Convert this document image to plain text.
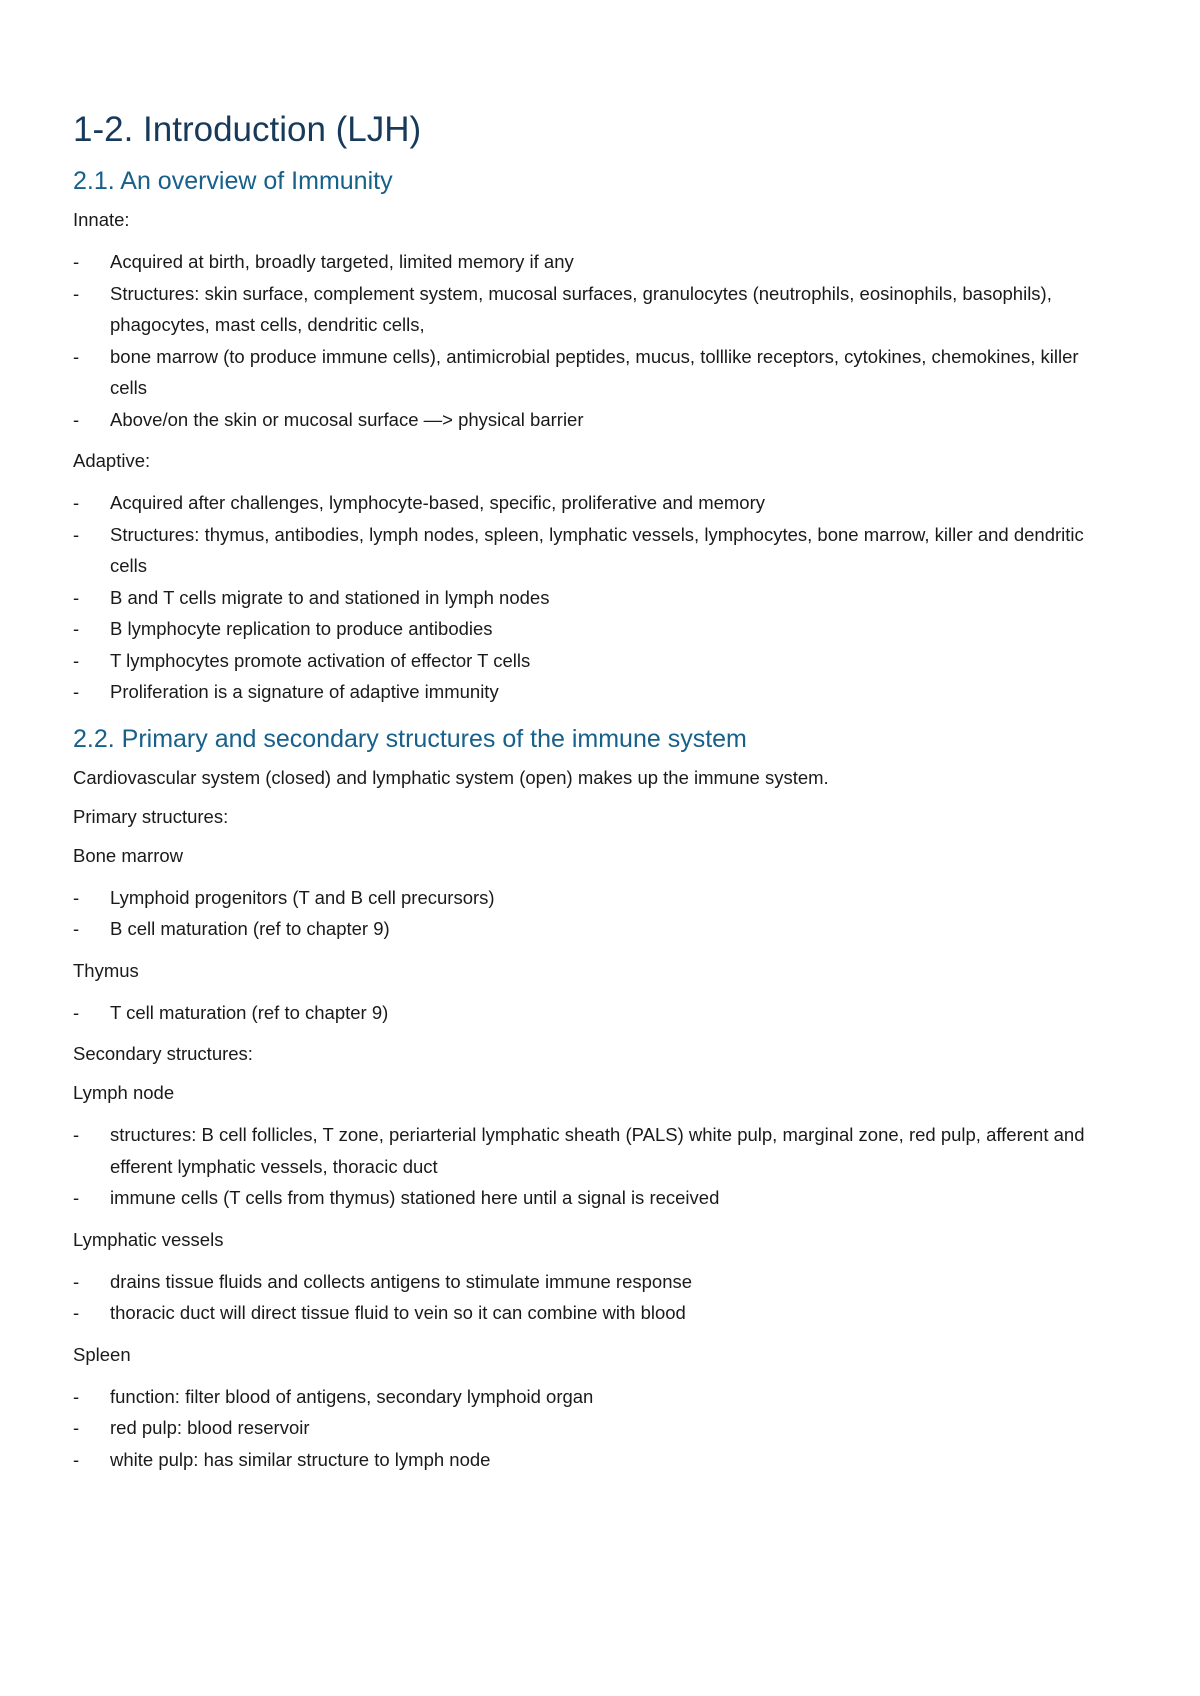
1-2. Introduction (LJH)
2.1. An overview of Immunity

Innate:

- Acquired at birth, broadly targeted, limited memory if any
- Structures: skin surface, complement system, mucosal surfaces, granulocytes (neutrophils, eosinophils, basophils), phagocytes, mast cells, dendritic cells,
- bone marrow (to produce immune cells), antimicrobial peptides, mucus, tolllike receptors, cytokines, chemokines, killer cells
- Above/on the skin or mucosal surface —> physical barrier

Adaptive:

- Acquired after challenges, lymphocyte-based, specific, proliferative and memory
- Structures: thymus, antibodies, lymph nodes, spleen, lymphatic vessels, lymphocytes, bone marrow, killer and dendritic cells
- B and T cells migrate to and stationed in lymph nodes
- B lymphocyte replication to produce antibodies
- T lymphocytes promote activation of effector T cells
- Proliferation is a signature of adaptive immunity
2.2. Primary and secondary structures of the immune system

Cardiovascular system (closed) and lymphatic system (open) makes up the immune system.

Primary structures:

Bone marrow

- Lymphoid progenitors (T and B cell precursors)
- B cell maturation (ref to chapter 9)

Thymus

- T cell maturation (ref to chapter 9)

Secondary structures:

Lymph node

- structures: B cell follicles, T zone, periarterial lymphatic sheath (PALS) white pulp, marginal zone, red pulp, afferent and efferent lymphatic vessels, thoracic duct
- immune cells (T cells from thymus) stationed here until a signal is received

Lymphatic vessels

- drains tissue fluids and collects antigens to stimulate immune response
- thoracic duct will direct tissue fluid to vein so it can combine with blood

Spleen

- function: filter blood of antigens, secondary lymphoid organ
- red pulp: blood reservoir
- white pulp: has similar structure to lymph node
